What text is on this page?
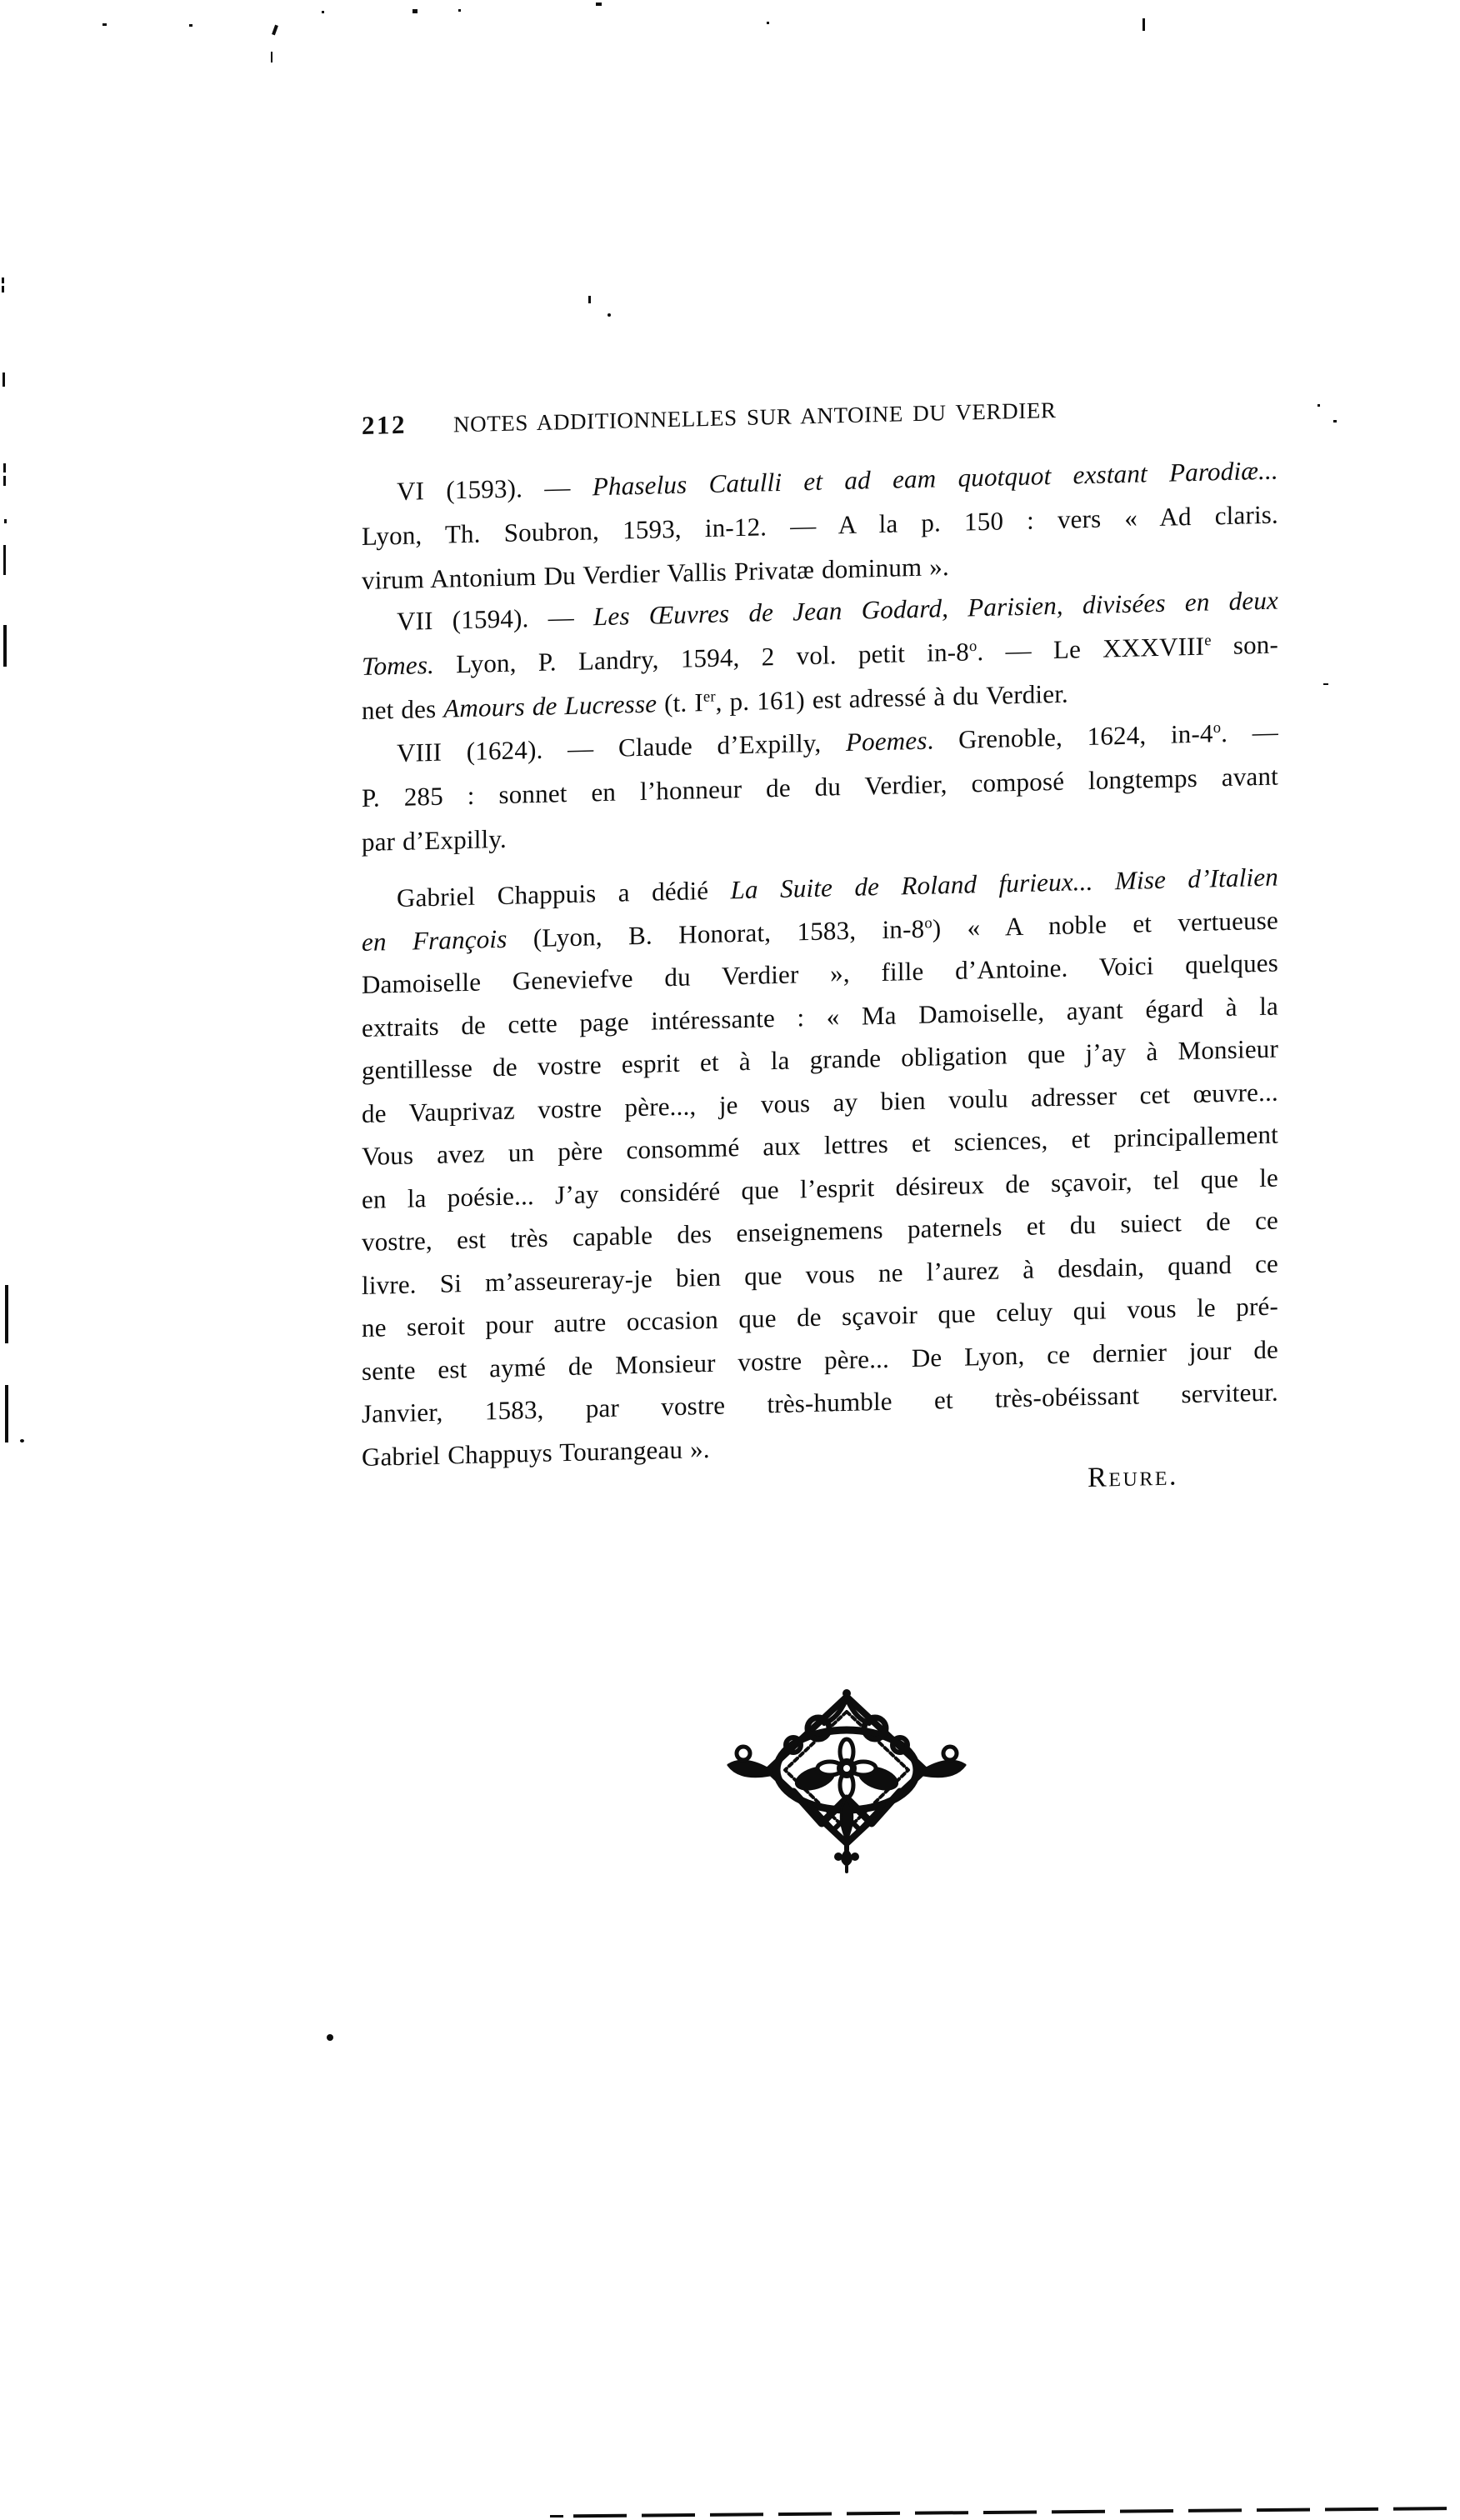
212 NOTES ADDITIONNELLES SUR ANTOINE DU VERDIER
VI (1593). — Phaselus Catulli et ad eam quotquot exstant Parodiæ...
Lyon, Th. Soubron, 1593, in-12. — A la p. 150 : vers « Ad claris.
virum Antonium Du Verdier Vallis Privatæ dominum ».
VII (1594). — Les Œuvres de Jean Godard, Parisien, divisées en deux
Tomes. Lyon, P. Landry, 1594, 2 vol. petit in-8$^o$. — Le XXXVIIIe son-
net des Amours de Lucresse (t. Ier, p. 161) est adressé à du Verdier.
VIII (1624). — Claude d’Expilly, Poemes. Grenoble, 1624, in-4$^o$. —
P. 285 : sonnet en l’honneur de du Verdier, composé longtemps avant
par d’Expilly.
Gabriel Chappuis a dédié La Suite de Roland furieux... Mise d’Italien
en François (Lyon, B. Honorat, 1583, in-8$^o$) « A noble et vertueuse
Damoiselle Geneviefve du Verdier », fille d’Antoine. Voici quelques
extraits de cette page intéressante : « Ma Damoiselle, ayant égard à la
gentillesse de vostre esprit et à la grande obligation que j’ay à Monsieur
de Vauprivaz vostre père..., je vous ay bien voulu adresser cet œuvre...
Vous avez un père consommé aux lettres et sciences, et principallement
en la poésie... J’ay considéré que l’esprit désireux de sçavoir, tel que le
vostre, est très capable des enseignemens paternels et du suiect de ce
livre. Si m’asseureray-je bien que vous ne l’aurez à desdain, quand ce
ne seroit pour autre occasion que de sçavoir que celuy qui vous le pré-
sente est aymé de Monsieur vostre père... De Lyon, ce dernier jour de
Janvier, 1583, par vostre très-humble et très-obéissant serviteur.
Gabriel Chappuys Tourangeau ».
Reure.
